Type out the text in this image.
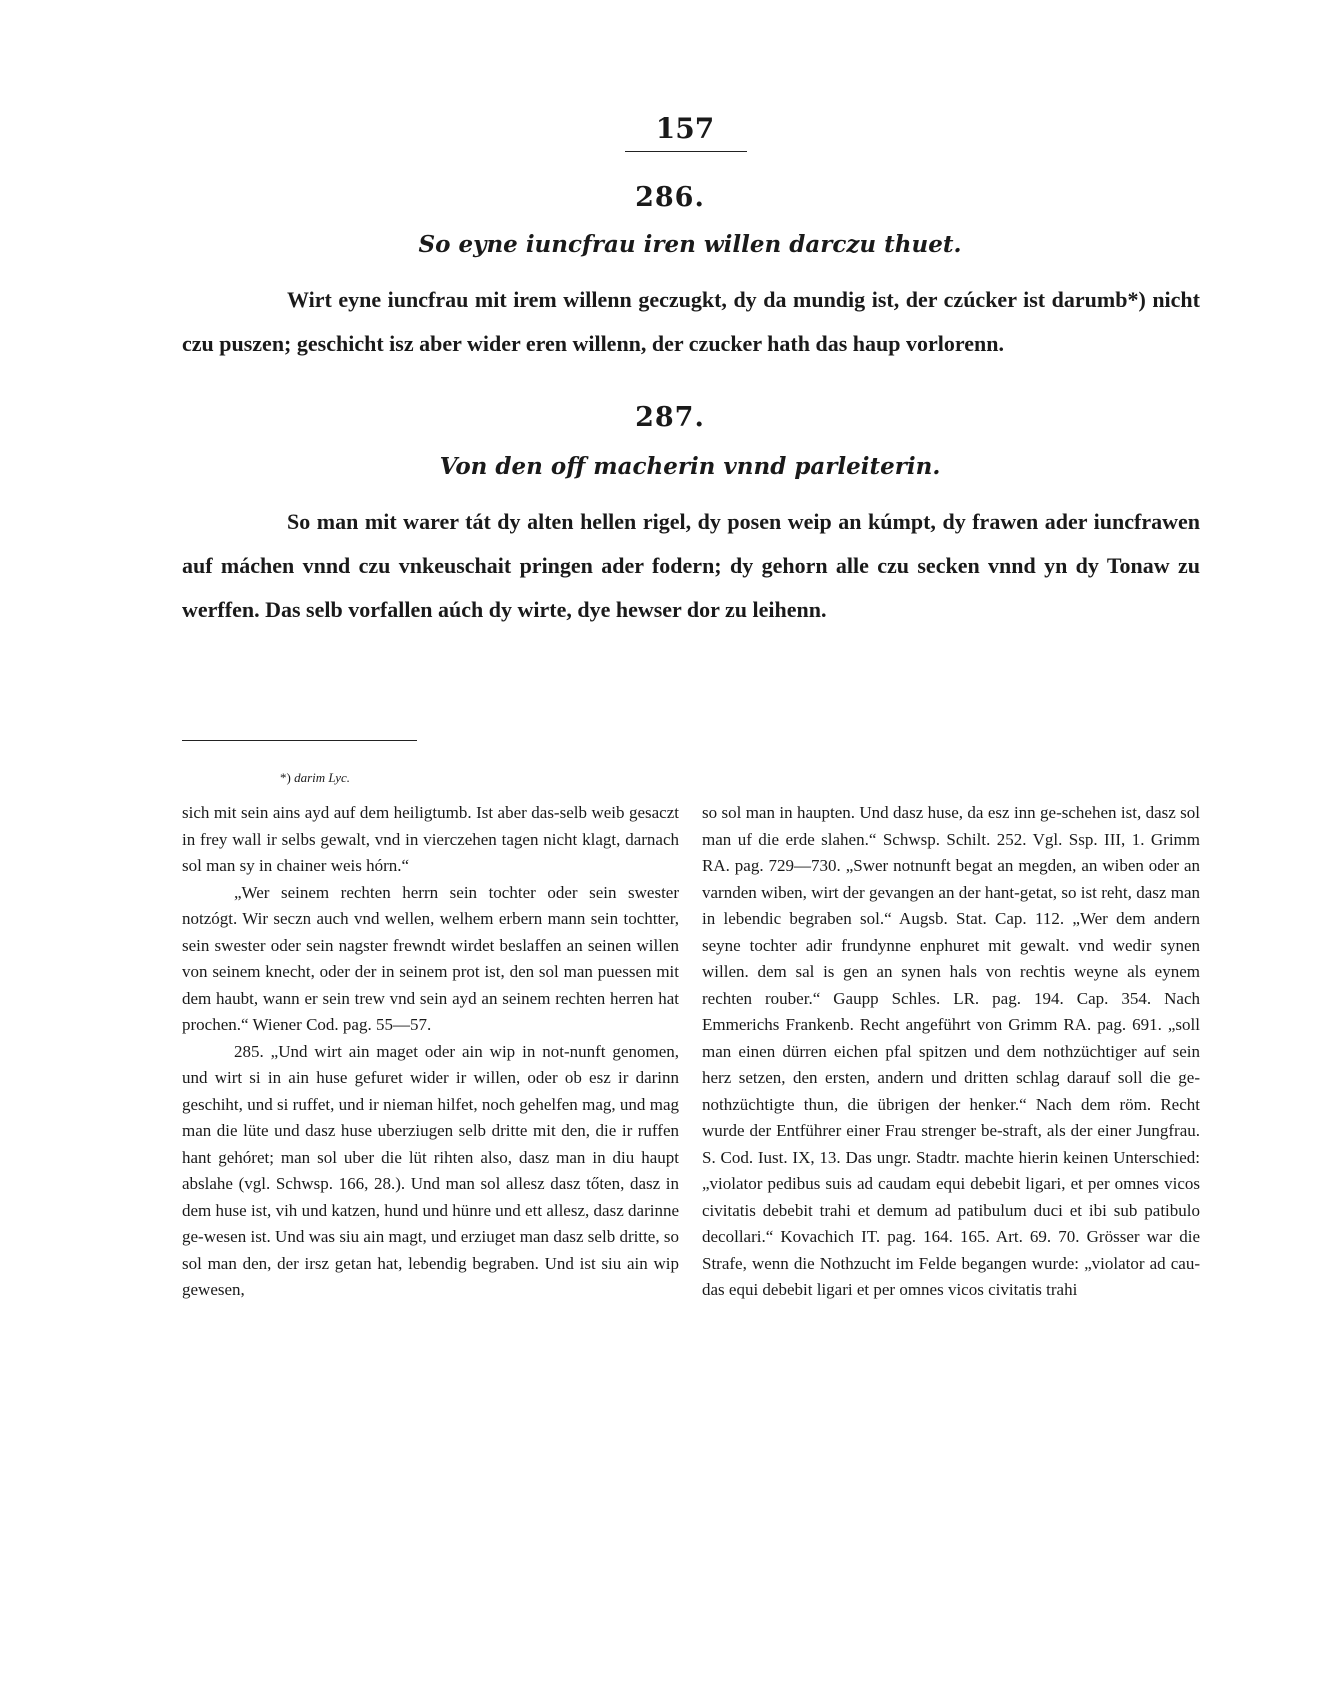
157
286.
So eyne iuncfrau iren willen darczu thuet.

Wirt eyne iuncfrau mit irem willenn geczugkt, dy da mundig ist, der czúcker ist darumb*) nicht czu puszen; geschicht isz aber wider eren willenn, der czucker hath das haup vorlorenn.

287.
Von den off macherin vnnd parleiterin.

So man mit warer tát dy alten hellen rigel, dy posen weip an kúmpt, dy frawen ader iuncfrawen auf máchen vnnd czu vnkeuschait pringen ader fodern; dy gehorn alle czu secken vnnd yn dy Tonaw zu werffen. Das selb vorfallen aúch dy wirte, dye hewser dor zu leihenn.

*) darim Lyc.

sich mit sein ains ayd auf dem heiligtumb. Ist aber das-selb weib gesaczt in frey wall ir selbs gewalt, vnd in vierczehen tagen nicht klagt, darnach sol man sy in chainer weis hórn.“

„Wer seinem rechten herrn sein tochter oder sein swester notzógt. Wir seczn auch vnd wellen, welhem erbern mann sein tochtter, sein swester oder sein nagster frewndt wirdet beslaffen an seinen willen von seinem knecht, oder der in seinem prot ist, den sol man puessen mit dem haubt, wann er sein trew vnd sein ayd an seinem rechten herren hat prochen.“ Wiener Cod. pag. 55—57.

285. „Und wirt ain maget oder ain wip in not-nunft genomen, und wirt si in ain huse gefuret wider ir willen, oder ob esz ir darinn geschiht, und si ruffet, und ir nieman hilfet, noch gehelfen mag, und mag man die lüte und dasz huse uberziugen selb dritte mit den, die ir ruffen hant gehóret; man sol uber die lüt rihten also, dasz man in diu haupt abslahe (vgl. Schwsp. 166, 28.). Und man sol allesz dasz tőten, dasz in dem huse ist, vih und katzen, hund und hünre und ett allesz, dasz darinne ge-wesen ist. Und was siu ain magt, und erziuget man dasz selb dritte, so sol man den, der irsz getan hat, lebendig begraben. Und ist siu ain wip gewesen,

so sol man in haupten. Und dasz huse, da esz inn ge-schehen ist, dasz sol man uf die erde slahen.“ Schwsp. Schilt. 252. Vgl. Ssp. III, 1. Grimm RA. pag. 729—730. „Swer notnunft begat an megden, an wiben oder an varnden wiben, wirt der gevangen an der hant-getat, so ist reht, dasz man in lebendic begraben sol.“ Augsb. Stat. Cap. 112. „Wer dem andern seyne tochter adir frundynne enphuret mit gewalt. vnd wedir synen willen. dem sal is gen an synen hals von rechtis weyne als eynem rechten rouber.“ Gaupp Schles. LR. pag. 194. Cap. 354. Nach Emmerichs Frankenb. Recht angeführt von Grimm RA. pag. 691. „soll man einen dürren eichen pfal spitzen und dem nothzüchtiger auf sein herz setzen, den ersten, andern und dritten schlag darauf soll die ge-nothzüchtigte thun, die übrigen der henker.“ Nach dem röm. Recht wurde der Entführer einer Frau strenger be-straft, als der einer Jungfrau. S. Cod. Iust. IX, 13. Das ungr. Stadtr. machte hierin keinen Unterschied: „violator pedibus suis ad caudam equi debebit ligari, et per omnes vicos civitatis debebit trahi et demum ad patibulum duci et ibi sub patibulo decollari.“ Kovachich IT. pag. 164. 165. Art. 69. 70. Grösser war die Strafe, wenn die Nothzucht im Felde begangen wurde: „violator ad cau-das equi debebit ligari et per omnes vicos civitatis trahi
